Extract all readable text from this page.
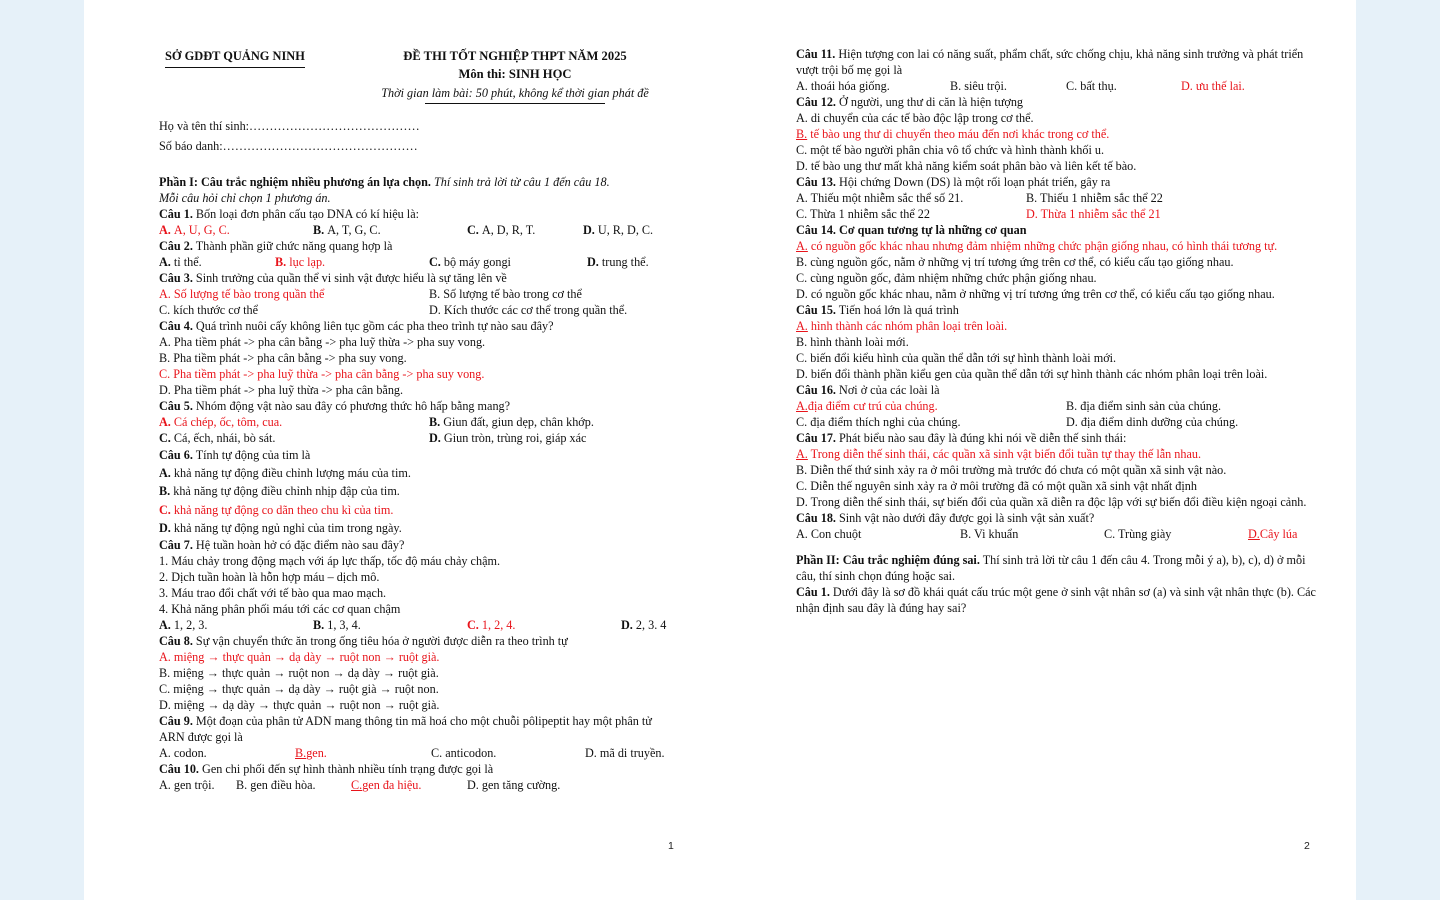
SỞ GDĐT QUẢNG NINH	ĐỀ THI TỐT NGHIỆP THPT NĂM 2025
Môn thi: SINH HỌC
Thời gian làm bài: 50 phút, không kể thời gian phát đề
Họ và tên thí sinh:……………………………………
Số báo danh:…………………………………………
Phần I: Câu trắc nghiệm nhiều phương án lựa chọn. Thí sinh trả lời từ câu 1 đến câu 18.
Mỗi câu hỏi chỉ chọn 1 phương án.
Câu 1. Bốn loại đơn phân cấu tạo DNA có kí hiệu là:
A. A, U, G, C.	B. A, T, G, C.	C. A, D, R, T.	D. U, R, D, C.
Câu 2. Thành phần giữ chức năng quang hợp là
A. tỉ thể.	B. lục lạp.	C. bộ máy gongi	D. trung thể.
Câu 3. Sinh trưởng của quần thể vi sinh vật được hiểu là sự tăng lên về
A. Số lượng tế bào trong quần thể	B. Số lượng tế bào trong cơ thể
C. kích thước cơ thể	D. Kích thước các cơ thể trong quần thể.
Câu 4. Quá trình nuôi cấy không liên tục gồm các pha theo trình tự nào sau đây?
A. Pha tiềm phát -> pha cân bằng -> pha luỹ thừa -> pha suy vong.
B. Pha tiềm phát -> pha cân bằng -> pha suy vong.
C. Pha tiềm phát -> pha luỹ thừa -> pha cân bằng -> pha suy vong.
D. Pha tiềm phát -> pha luỹ thừa -> pha cân bằng.
Câu 5. Nhóm động vật nào sau đây có phương thức hô hấp bằng mang?
A. Cá chép, ốc, tôm, cua.	B. Giun đất, giun dẹp, chân khớp.
C. Cá, ếch, nhái, bò sát.	D. Giun tròn, trùng roi, giáp xác
Câu 6. Tính tự động của tim là
A. khả năng tự động điều chỉnh lượng máu của tim.
B. khả năng tự động điều chỉnh nhịp đập của tim.
C. khả năng tự động co dãn theo chu kì của tim.
D. khả năng tự động ngủ nghỉ của tim trong ngày.
Câu 7. Hệ tuần hoàn hở có đặc điểm nào sau đây?
1. Máu chảy trong động mạch với áp lực thấp, tốc độ máu chảy chậm.
2. Dịch tuần hoàn là hỗn hợp máu – dịch mô.
3. Máu trao đổi chất với tế bào qua mao mạch.
4. Khả năng phân phối máu tới các cơ quan chậm
A. 1, 2, 3.	B. 1, 3, 4.	C. 1, 2, 4.	D. 2, 3. 4
Câu 8. Sự vận chuyển thức ăn trong ống tiêu hóa ở người được diễn ra theo trình tự
A. miệng → thực quản → dạ dày → ruột non → ruột già.
B. miệng → thực quản → ruột non → dạ dày → ruột già.
C. miệng → thực quản → dạ dày → ruột già → ruột non.
D. miệng → dạ dày → thực quản → ruột non → ruột già.
Câu 9. Một đoạn của phân tử ADN mang thông tin mã hoá cho một chuỗi pôlipeptit hay một phân tử ARN được gọi là
A. codon.	B.gen.	C. anticodon.	D. mã di truyền.
Câu 10. Gen chi phối đến sự hình thành nhiều tính trạng được gọi là
A. gen trội.	B. gen điều hòa.	C.gen đa hiệu.	D. gen tăng cường.
1
Câu 11. Hiện tượng con lai có năng suất, phẩm chất, sức chống chịu, khả năng sinh trưởng và phát triển vượt trội bố mẹ gọi là
A. thoái hóa giống.	B. siêu trội.	C. bất thụ.	D. ưu thế lai.
Câu 12. Ở người, ung thư di căn là hiện tượng
A. di chuyển của các tế bào độc lập trong cơ thể.
B. tế bào ung thư di chuyển theo máu đến nơi khác trong cơ thể.
C. một tế bào người phân chia vô tổ chức và hình thành khối u.
D. tế bào ung thư mất khả năng kiểm soát phân bào và liên kết tế bào.
Câu 13. Hội chứng Down (DS) là một rối loạn phát triển, gây ra
A. Thiếu một nhiễm sắc thể số 21.	B. Thiếu 1 nhiễm sắc thể 22
C. Thừa 1 nhiễm sắc thể 22	D. Thừa 1 nhiễm sắc thể 21
Câu 14. Cơ quan tương tự là những cơ quan
A. có nguồn gốc khác nhau nhưng đảm nhiệm những chức phận giống nhau, có hình thái tương tự.
B. cùng nguồn gốc, nằm ở những vị trí tương ứng trên cơ thể, có kiểu cấu tạo giống nhau.
C. cùng nguồn gốc, đảm nhiệm những chức phận giống nhau.
D. có nguồn gốc khác nhau, nằm ở những vị trí tương ứng trên cơ thể, có kiểu cấu tạo giống nhau.
Câu 15. Tiến hoá lớn là quá trình
A. hình thành các nhóm phân loại trên loài.
B. hình thành loài mới.
C. biến đổi kiểu hình của quần thể dẫn tới sự hình thành loài mới.
D. biến đổi thành phần kiểu gen của quần thể dẫn tới sự hình thành các nhóm phân loại trên loài.
Câu 16. Nơi ở của các loài là
A.địa điểm cư trú của chúng.	B. địa điểm sinh sản của chúng.
C. địa điểm thích nghi của chúng.	D. địa điểm dinh dưỡng của chúng.
Câu 17. Phát biểu nào sau đây là đúng khi nói về diễn thế sinh thái:
A. Trong diễn thế sinh thái, các quần xã sinh vật biến đổi tuần tự thay thế lẫn nhau.
B. Diễn thế thứ sinh xảy ra ở môi trường mà trước đó chưa có một quần xã sinh vật nào.
C. Diễn thế nguyên sinh xảy ra ở môi trường đã có một quần xã sinh vật nhất định
D. Trong diễn thế sinh thái, sự biến đổi của quần xã diễn ra độc lập với sự biến đổi điều kiện ngoại cảnh.
Câu 18. Sinh vật nào dưới đây được gọi là sinh vật sản xuất?
A. Con chuột	B. Vi khuẩn	C. Trùng giày	D.Cây lúa
Phần II: Câu trắc nghiệm đúng sai. Thí sinh trả lời từ câu 1 đến câu 4. Trong mỗi ý a), b), c), d) ở mỗi câu, thí sinh chọn đúng hoặc sai.
Câu 1. Dưới đây là sơ đồ khái quát cấu trúc một gene ở sinh vật nhân sơ (a) và sinh vật nhân thực (b). Các nhận định sau đây là đúng hay sai?
2
